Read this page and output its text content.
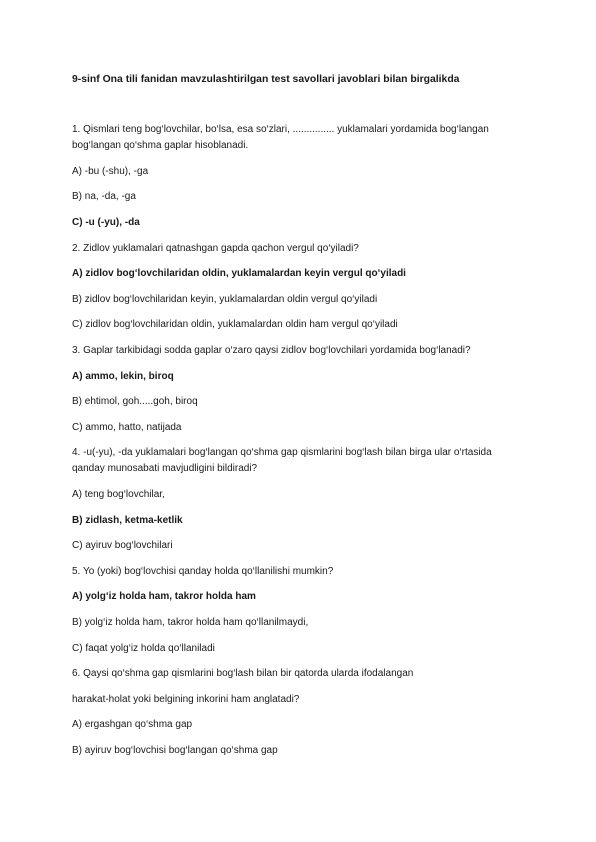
9-sinf Ona tili fanidan mavzulashtirilgan test savollari javoblari bilan birgalikda

1. Qismlari teng bog‘lovchilar, bo‘lsa, esa so‘zlari, ............... yuklamalari yordamida bog‘langan bog‘langan qo‘shma gaplar hisoblanadi.

A) -bu (-shu), -ga

B) na, -da, -ga

C) -u (-yu), -da

2. Zidlov yuklamalari qatnashgan gapda qachon vergul qo‘yiladi?

A) zidlov bog‘lovchilaridan oldin, yuklamalardan keyin vergul qo‘yiladi

B) zidlov bog‘lovchilaridan keyin, yuklamalardan oldin vergul qo‘yiladi

C) zidlov bog‘lovchilaridan oldin, yuklamalardan oldin ham vergul qo‘yiladi

3. Gaplar tarkibidagi sodda gaplar o‘zaro qaysi zidlov bog‘lovchilari yordamida bog‘lanadi?

A) ammo, lekin, biroq

B) ehtimol, goh.....goh, biroq

C) ammo, hatto, natijada

4. -u(-yu), -da yuklamalari bog‘langan qo‘shma gap qismlarini bog‘lash bilan birga ular o‘rtasida qanday munosabati mavjudligini bildiradi?

A) teng bog‘lovchilar,

B) zidlash, ketma-ketlik

C) ayiruv bog‘lovchilari

5. Yo (yoki) bog‘lovchisi qanday holda qo‘llanilishi mumkin?

A) yolg‘iz holda ham, takror holda ham

B) yolg‘iz holda ham, takror holda ham qo‘llanilmaydi,

C) faqat yolg‘iz holda qo‘llaniladi

6. Qaysi qo‘shma gap qismlarini bog‘lash bilan bir qatorda ularda ifodalangan

harakat-holat yoki belgining inkorini ham anglatadi?

A) ergashgan qo‘shma gap

B) ayiruv bog‘lovchisi bog‘langan qo‘shma gap
